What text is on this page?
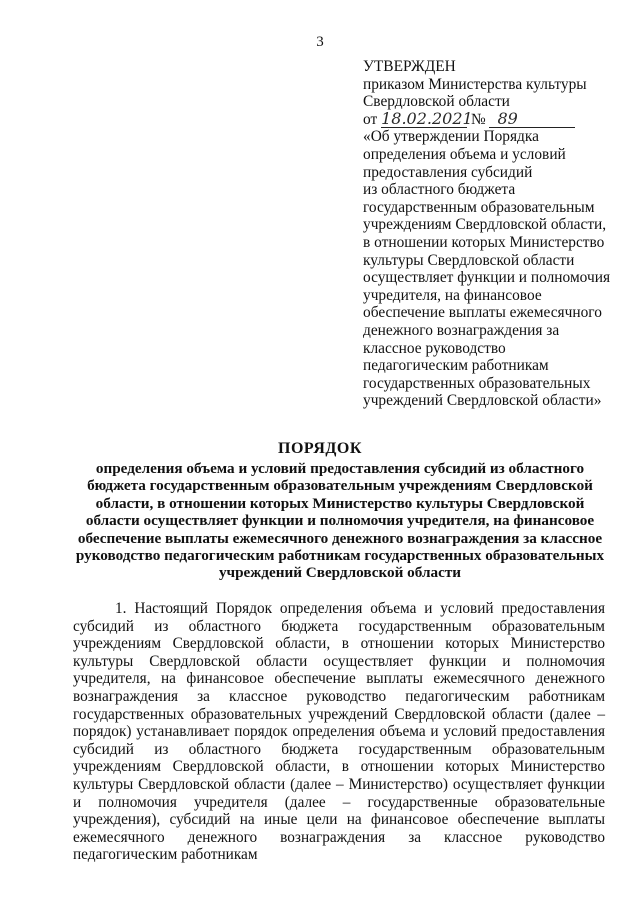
3
УТВЕРЖДЕН
приказом Министерства культуры
Свердловской области
от 18.02.2021 № 89
«Об утверждении Порядка
определения объема и условий
предоставления субсидий
из областного бюджета
государственным образовательным
учреждениям Свердловской области,
в отношении которых Министерство
культуры Свердловской области
осуществляет функции и полномочия
учредителя, на финансовое
обеспечение выплаты ежемесячного
денежного вознаграждения за
классное руководство
педагогическим работникам
государственных образовательных
учреждений Свердловской области»
ПОРЯДОК
определения объема и условий предоставления субсидий из областного бюджета государственным образовательным учреждениям Свердловской области, в отношении которых Министерство культуры Свердловской области осуществляет функции и полномочия учредителя, на финансовое обеспечение выплаты ежемесячного денежного вознаграждения за классное руководство педагогическим работникам государственных образовательных учреждений Свердловской области
1. Настоящий Порядок определения объема и условий предоставления субсидий из областного бюджета государственным образовательным учреждениям Свердловской области, в отношении которых Министерство культуры Свердловской области осуществляет функции и полномочия учредителя, на финансовое обеспечение выплаты ежемесячного денежного вознаграждения за классное руководство педагогическим работникам государственных образовательных учреждений Свердловской области (далее – порядок) устанавливает порядок определения объема и условий предоставления субсидий из областного бюджета государственным образовательным учреждениям Свердловской области, в отношении которых Министерство культуры Свердловской области (далее – Министерство) осуществляет функции и полномочия учредителя (далее – государственные образовательные учреждения), субсидий на иные цели на финансовое обеспечение выплаты ежемесячного денежного вознаграждения за классное руководство педагогическим работникам
